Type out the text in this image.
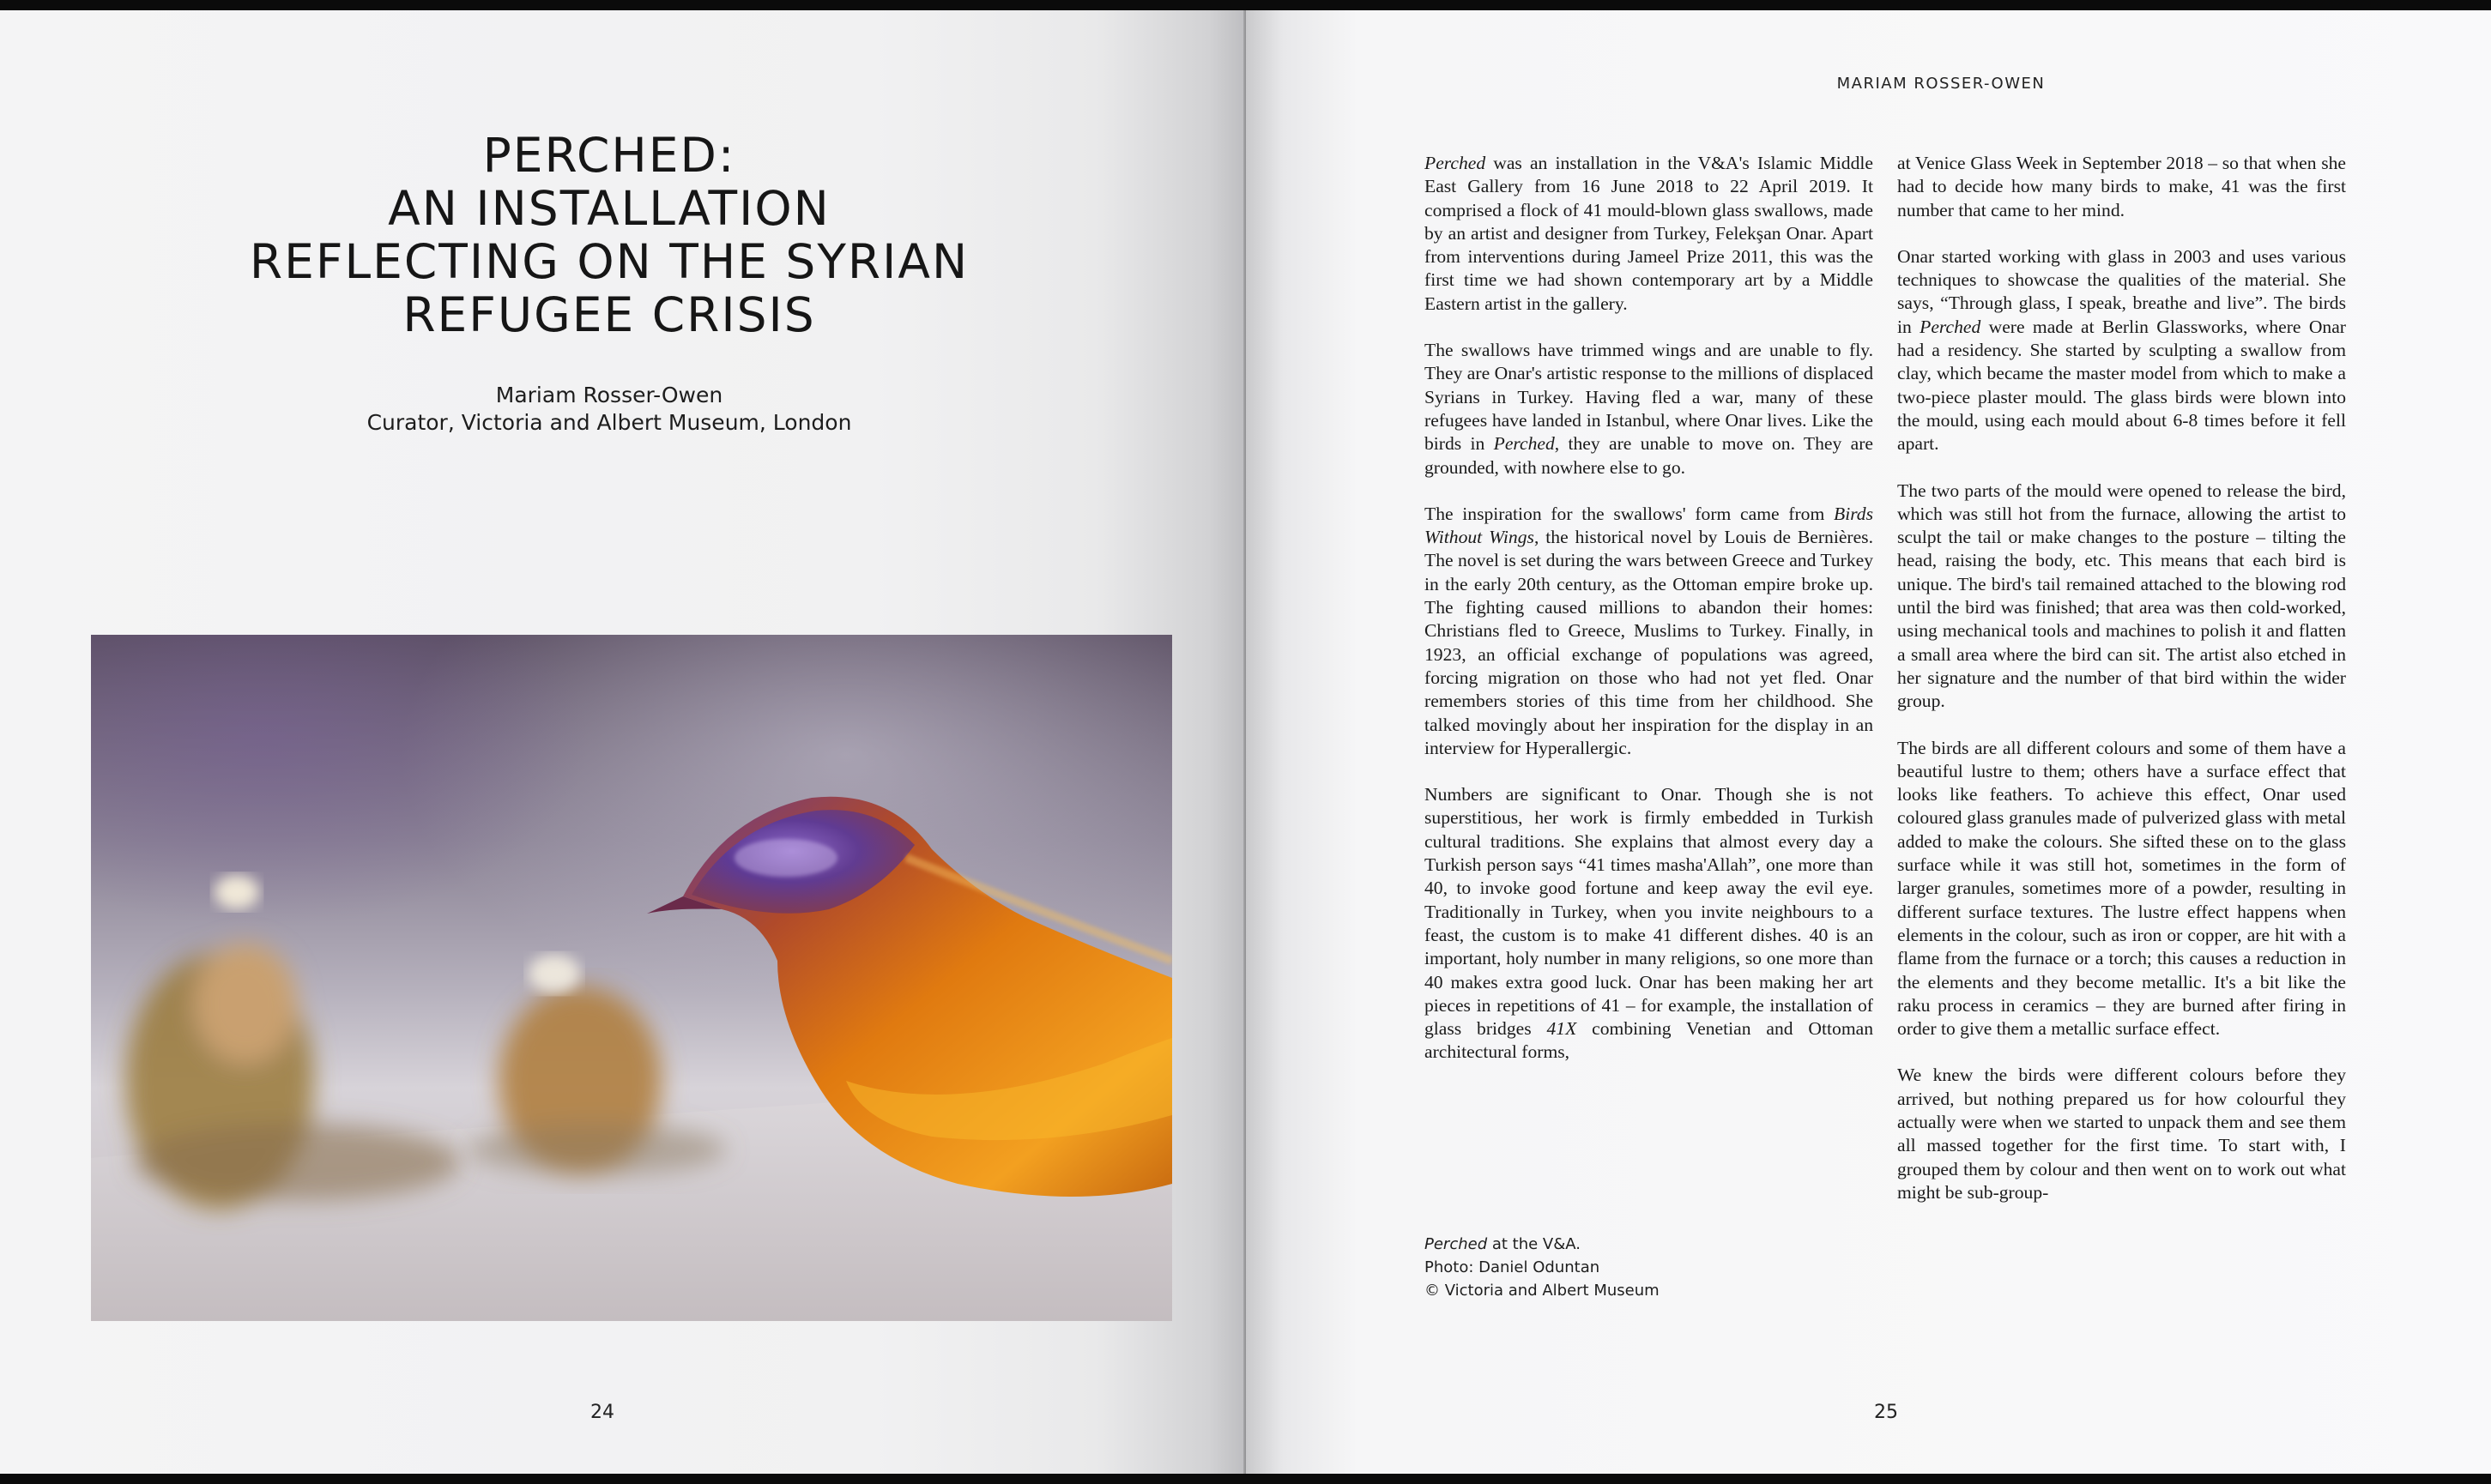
PERCHED:
AN INSTALLATION
REFLECTING ON THE SYRIAN
REFUGEE CRISIS
Mariam Rosser-Owen
Curator, Victoria and Albert Museum, London
24
MARIAM ROSSER-OWEN

Perched was an installation in the V&A's Islamic Middle East Gallery from 16 June 2018 to 22 April 2019. It comprised a flock of 41 mould-blown glass swallows, made by an artist and designer from Turkey, Felekşan Onar. Apart from interventions during Jameel Prize 2011, this was the first time we had shown contemporary art by a Middle Eastern artist in the gallery.

The swallows have trimmed wings and are unable to fly. They are Onar's artistic response to the millions of displaced Syrians in Turkey. Having fled a war, many of these refugees have landed in Istanbul, where Onar lives. Like the birds in Perched, they are unable to move on. They are grounded, with nowhere else to go.

The inspiration for the swallows' form came from Birds Without Wings, the historical novel by Louis de Bernières. The novel is set during the wars between Greece and Turkey in the early 20th century, as the Ottoman empire broke up. The fighting caused millions to abandon their homes: Christians fled to Greece, Muslims to Turkey. Finally, in 1923, an official exchange of populations was agreed, forcing migration on those who had not yet fled. Onar remembers stories of this time from her childhood. She talked movingly about her inspiration for the display in an interview for Hyperallergic.

Numbers are significant to Onar. Though she is not superstitious, her work is firmly embedded in Turkish cultural traditions. She explains that almost every day a Turkish person says “41 times masha'Allah”, one more than 40, to invoke good fortune and keep away the evil eye. Traditionally in Turkey, when you invite neighbours to a feast, the custom is to make 41 different dishes. 40 is an important, holy number in many religions, so one more than 40 makes extra good luck. Onar has been making her art pieces in repetitions of 41 – for example, the installation of glass bridges 41X combining Venetian and Ottoman architectural forms,

Perched at the V&A.
Photo: Daniel Oduntan
© Victoria and Albert Museum

at Venice Glass Week in September 2018 – so that when she had to decide how many birds to make, 41 was the first number that came to her mind.

Onar started working with glass in 2003 and uses various techniques to showcase the qualities of the material. She says, “Through glass, I speak, breathe and live”. The birds in Perched were made at Berlin Glassworks, where Onar had a residency. She started by sculpting a swallow from clay, which became the master model from which to make a two-piece plaster mould. The glass birds were blown into the mould, using each mould about 6-8 times before it fell apart.

The two parts of the mould were opened to release the bird, which was still hot from the furnace, allowing the artist to sculpt the tail or make changes to the posture – tilting the head, raising the body, etc. This means that each bird is unique. The bird's tail remained attached to the blowing rod until the bird was finished; that area was then cold-worked, using mechanical tools and machines to polish it and flatten a small area where the bird can sit. The artist also etched in her signature and the number of that bird within the wider group.

The birds are all different colours and some of them have a beautiful lustre to them; others have a surface effect that looks like feathers. To achieve this effect, Onar used coloured glass granules made of pulverized glass with metal added to make the colours. She sifted these on to the glass surface while it was still hot, sometimes in the form of larger granules, sometimes more of a powder, resulting in different surface textures. The lustre effect happens when elements in the colour, such as iron or copper, are hit with a flame from the furnace or a torch; this causes a reduction in the elements and they become metallic. It's a bit like the raku process in ceramics – they are burned after firing in order to give them a metallic surface effect.

We knew the birds were different colours before they arrived, but nothing prepared us for how colourful they actually were when we started to unpack them and see them all massed together for the first time. To start with, I grouped them by colour and then went on to work out what might be sub-group-

25
